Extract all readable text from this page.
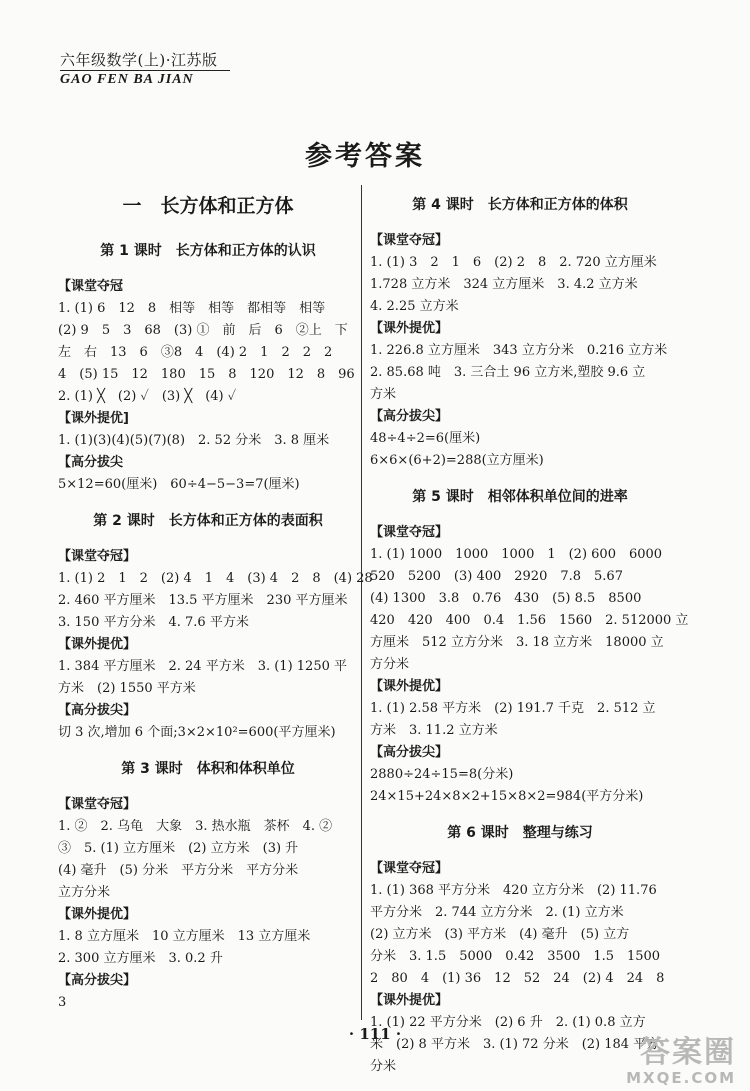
六年级数学(上)·江苏版
GAO FEN BA JIAN
参考答案
一　长方体和正方体
第 1 课时　长方体和正方体的认识
【课堂夺冠
1. (1) 6　12　8　相等　相等　都相等　相等
(2) 9　5　3　68　(3) ①　前　后　6　②上　下
左　右　13　6　③8　4　(4) 2　1　2　2　2
4　(5) 15　12　180　15　8　120　12　8　96
2. (1) ╳　(2) ✓　(3) ╳　(4) ✓
【课外提优]
1. (1)(3)(4)(5)(7)(8)　2. 52 分米　3. 8 厘米
【高分拔尖
5×12=60(厘米)　60÷4−5−3=7(厘米)
第 2 课时　长方体和正方体的表面积
【课堂夺冠】
1. (1) 2　1　2　(2) 4　1　4　(3) 4　2　8　(4) 28
2. 460 平方厘米　13.5 平方厘米　230 平方厘米
3. 150 平方分米　4. 7.6 平方米
【课外提优】
1. 384 平方厘米　2. 24 平方米　3. (1) 1250 平
方米　(2) 1550 平方米
【高分拔尖】
切 3 次,增加 6 个面;3×2×10²=600(平方厘米)
第 3 课时　体积和体积单位
【课堂夺冠】
1. ②　2. 乌龟　大象　3. 热水瓶　茶杯　4. ②
③　5. (1) 立方厘米　(2) 立方米　(3) 升
(4) 毫升　(5) 分米　平方分米　平方分米
立方分米
【课外提优】
1. 8 立方厘米　10 立方厘米　13 立方厘米
2. 300 立方厘米　3. 0.2 升
【高分拔尖】
3
第 4 课时　长方体和正方体的体积
【课堂夺冠】
1. (1) 3　2　1　6　(2) 2　8　2. 720 立方厘米
1.728 立方米　324 立方厘米　3. 4.2 立方米
4. 2.25 立方米
【课外提优】
1. 226.8 立方厘米　343 立方分米　0.216 立方米
2. 85.68 吨　3. 三合土 96 立方米,塑胶 9.6 立
方米
【高分拔尖】
48÷4÷2=6(厘米)
6×6×(6+2)=288(立方厘米)
第 5 课时　相邻体积单位间的进率
【课堂夺冠】
1. (1) 1000　1000　1000　1　(2) 600　6000
520　5200　(3) 400　2920　7.8　5.67
(4) 1300　3.8　0.76　430　(5) 8.5　8500
420　420　400　0.4　1.56　1560　2. 512000 立
方厘米　512 立方分米　3. 18 立方米　18000 立
方分米
【课外提优】
1. (1) 2.58 平方米　(2) 191.7 千克　2. 512 立
方米　3. 11.2 立方米
【高分拔尖】
2880÷24÷15=8(分米)
24×15+24×8×2+15×8×2=984(平方分米)
第 6 课时　整理与练习
【课堂夺冠】
1. (1) 368 平方分米　420 立方分米　(2) 11.76
平方分米　2. 744 立方分米　2. (1) 立方米
(2) 立方米　(3) 平方米　(4) 毫升　(5) 立方
分米　3. 1.5　5000　0.42　3500　1.5　1500
2　80　4　(1) 36　12　52　24　(2) 4　24　8
【课外提优】
1. (1) 22 平方分米　(2) 6 升　2. (1) 0.8 立方
米　(2) 8 平方米　3. (1) 72 分米　(2) 184 平方
分米
· 111 ·
答案圈
MXQE.COM
